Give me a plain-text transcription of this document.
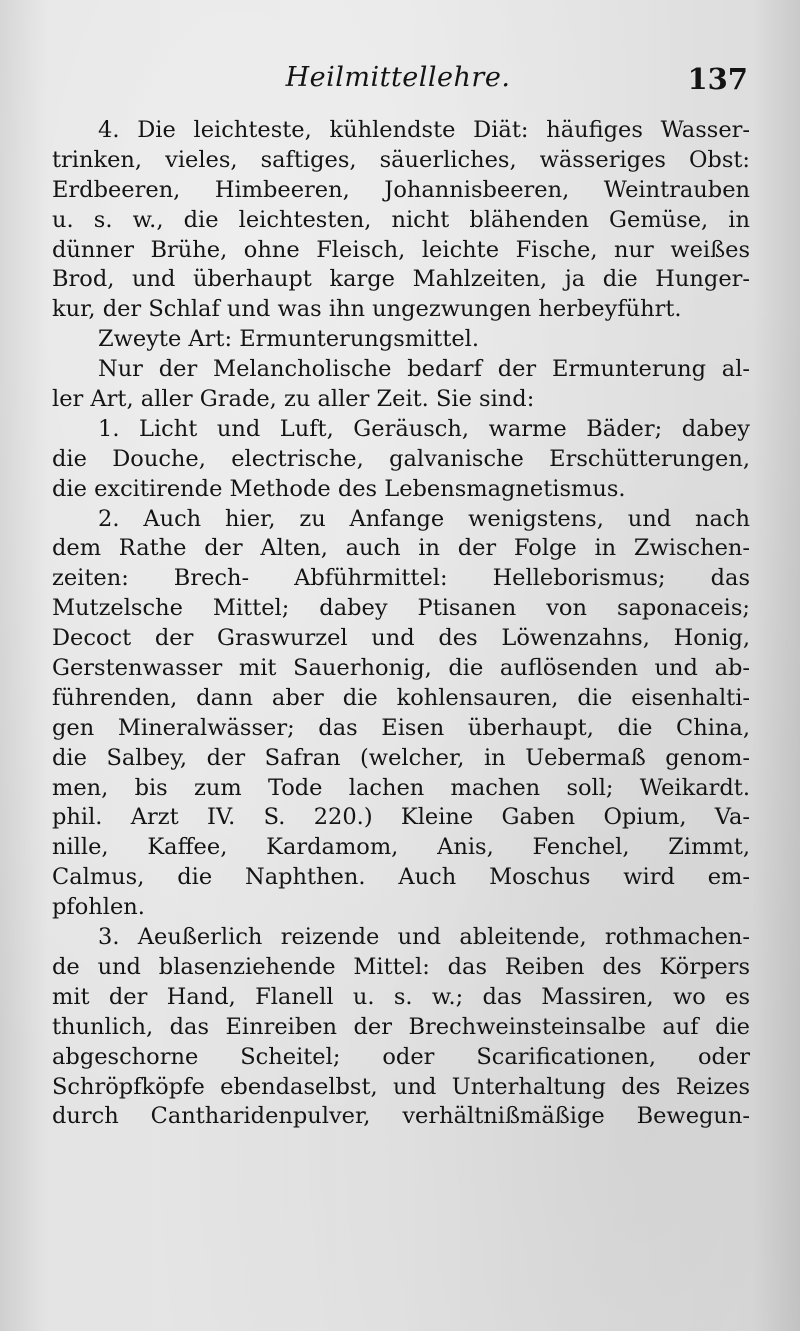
Heilmittellehre.	137
4. Die leichteste, kühlendste Diät: häufiges Wasser-
trinken, vieles, saftiges, säuerliches, wässeriges Obst:
Erdbeeren, Himbeeren, Johannisbeeren, Weintrauben
u. s. w., die leichtesten, nicht blähenden Gemüse, in
dünner Brühe, ohne Fleisch, leichte Fische, nur weißes
Brod, und überhaupt karge Mahlzeiten, ja die Hunger-
kur, der Schlaf und was ihn ungezwungen herbeyführt.
Zweyte Art: Ermunterungsmittel.
Nur der Melancholische bedarf der Ermunterung al-
ler Art, aller Grade, zu aller Zeit. Sie sind:
1. Licht und Luft, Geräusch, warme Bäder; dabey
die Douche, electrische, galvanische Erschütterungen,
die excitirende Methode des Lebensmagnetismus.
2. Auch hier, zu Anfange wenigstens, und nach
dem Rathe der Alten, auch in der Folge in Zwischen-
zeiten: Brech- Abführmittel: Helleborismus; das
Mutzelsche Mittel; dabey Ptisanen von saponaceis;
Decoct der Graswurzel und des Löwenzahns, Honig,
Gerstenwasser mit Sauerhonig, die auflösenden und ab-
führenden, dann aber die kohlensauren, die eisenhalti-
gen Mineralwässer; das Eisen überhaupt, die China,
die Salbey, der Safran (welcher, in Uebermaß genom-
men, bis zum Tode lachen machen soll; Weikardt.
phil. Arzt IV. S. 220.) Kleine Gaben Opium, Va-
nille, Kaffee, Kardamom, Anis, Fenchel, Zimmt,
Calmus, die Naphthen. Auch Moschus wird em-
pfohlen.
3. Aeußerlich reizende und ableitende, rothmachen-
de und blasenziehende Mittel: das Reiben des Körpers
mit der Hand, Flanell u. s. w.; das Massiren, wo es
thunlich, das Einreiben der Brechweinsteinsalbe auf die
abgeschorne Scheitel; oder Scarificationen, oder
Schröpfköpfe ebendaselbst, und Unterhaltung des Reizes
durch Cantharidenpulver, verhältnißmäßige Bewegun-
